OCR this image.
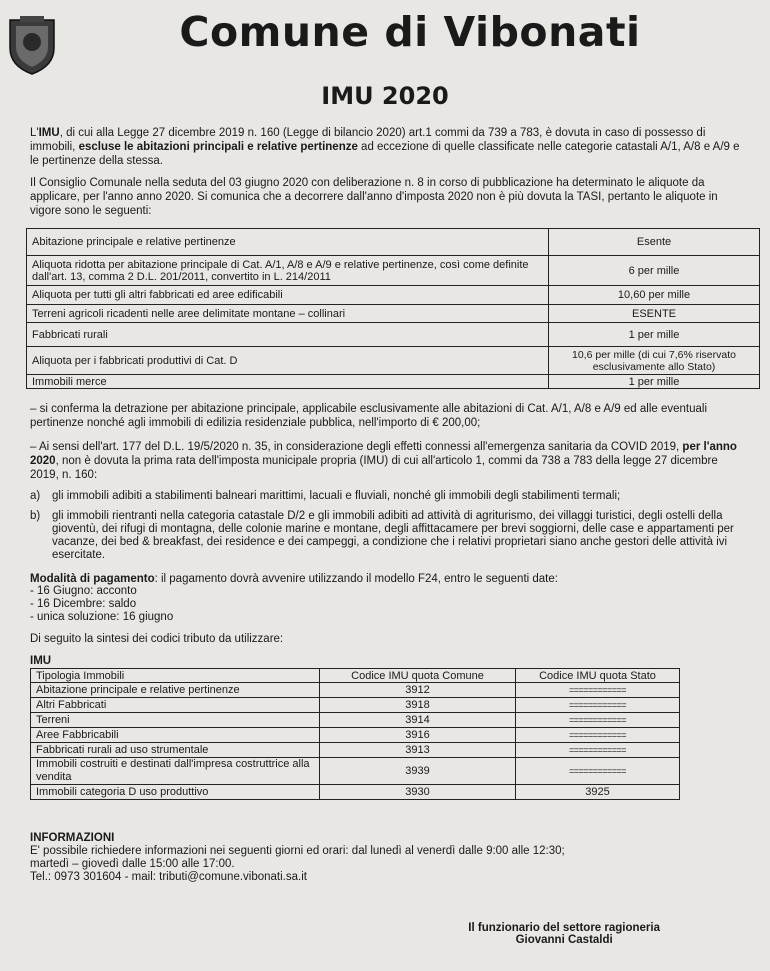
Comune di Vibonati
IMU 2020
L'IMU, di cui alla Legge 27 dicembre 2019 n. 160 (Legge di bilancio 2020) art.1 commi da 739 a 783, è dovuta in caso di possesso di immobili, escluse le abitazioni principali e relative pertinenze ad eccezione di quelle classificate nelle categorie catastali A/1, A/8 e A/9 e le pertinenze della stessa.
Il Consiglio Comunale nella seduta del 03 giugno 2020 con deliberazione n. 8 in corso di pubblicazione ha determinato le aliquote da applicare, per l'anno anno 2020. Si comunica che a decorrere dall'anno d'imposta 2020 non è più dovuta la TASI, pertanto le aliquote in vigore sono le seguenti:
Abitazione principale e relative pertinenze	Esente
Aliquota ridotta per abitazione principale di Cat. A/1, A/8 e A/9 e relative pertinenze, così come definite dall'art. 13, comma 2 D.L. 201/2011, convertito in L. 214/2011	6 per mille
Aliquota per tutti gli altri fabbricati ed aree edificabili	10,60 per mille
Terreni agricoli ricadenti nelle aree delimitate montane – collinari	ESENTE
Fabbricati rurali	1 per mille
Aliquota per i fabbricati produttivi di Cat. D	10,6 per mille (di cui 7,6% riservato esclusivamente allo Stato)
Immobili merce	1 per mille
– si conferma la detrazione per abitazione principale, applicabile esclusivamente alle abitazioni di Cat. A/1, A/8 e A/9 ed alle eventuali pertinenze nonché agli immobili di edilizia residenziale pubblica, nell'importo di € 200,00;
– Ai sensi dell'art. 177 del D.L. 19/5/2020 n. 35, in considerazione degli effetti connessi all'emergenza sanitaria da COVID 2019, per l'anno 2020, non è dovuta la prima rata dell'imposta municipale propria (IMU) di cui all'articolo 1, commi da 738 a 783 della legge 27 dicembre 2019, n. 160:
a) gli immobili adibiti a stabilimenti balneari marittimi, lacuali e fluviali, nonché gli immobili degli stabilimenti termali;
b) gli immobili rientranti nella categoria catastale D/2 e gli immobili adibiti ad attività di agriturismo, dei villaggi turistici, degli ostelli della gioventù, dei rifugi di montagna, delle colonie marine e montane, degli affittacamere per brevi soggiorni, delle case e appartamenti per vacanze, dei bed & breakfast, dei residence e dei campeggi, a condizione che i relativi proprietari siano anche gestori delle attività ivi esercitate.
Modalità di pagamento: il pagamento dovrà avvenire utilizzando il modello F24, entro le seguenti date:
- 16 Giugno: acconto
- 16 Dicembre: saldo
- unica soluzione: 16 giugno
Di seguito la sintesi dei codici tributo da utilizzare:
IMU
Tipologia Immobili	Codice IMU quota Comune	Codice IMU quota Stato
Abitazione principale e relative pertinenze	3912	============
Altri Fabbricati	3918	============
Terreni	3914	============
Aree Fabbricabili	3916	============
Fabbricati rurali ad uso strumentale	3913	============
Immobili costruiti e destinati dall'impresa costruttrice alla vendita	3939	============
Immobili categoria D uso produttivo	3930	3925
INFORMAZIONI
E' possibile richiedere informazioni nei seguenti giorni ed orari: dal lunedì al venerdì dalle 9:00 alle 12:30;
martedì – giovedì dalle 15:00 alle 17:00.
Tel.: 0973 301604 - mail: tributi@comune.vibonati.sa.it
Il funzionario del settore ragioneria
Giovanni Castaldi
